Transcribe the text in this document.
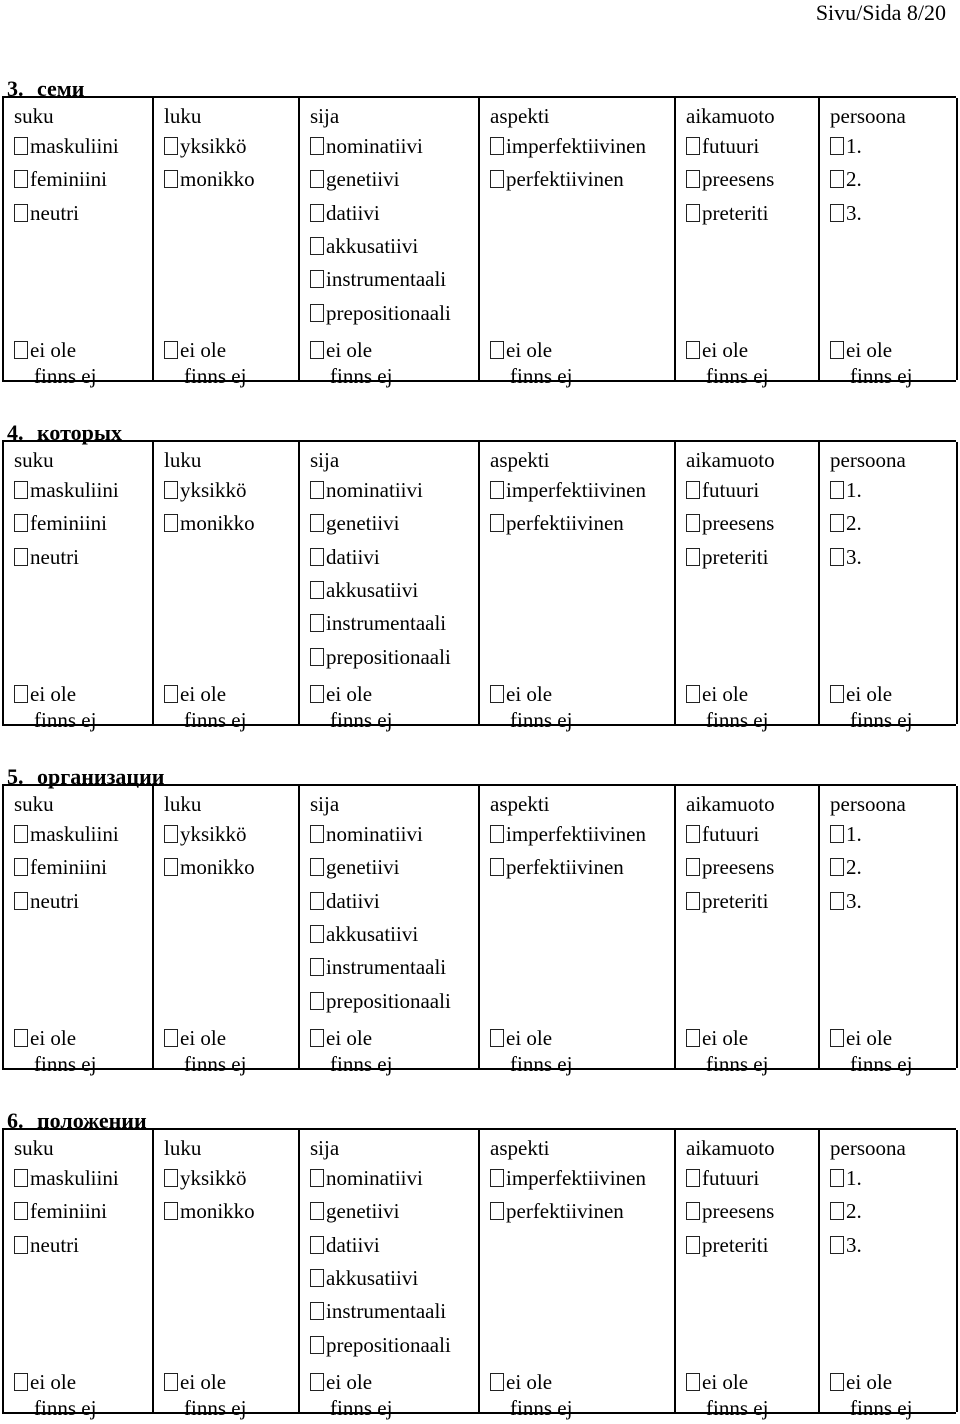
Sivu/Sida 8/20
3. семи
suku
maskuliini
feminiini
neutri
ei ole
finns ej
luku
yksikkö
monikko
ei ole
finns ej
sija
nominatiivi
genetiivi
datiivi
akkusatiivi
instrumentaali
prepositionaali
ei ole
finns ej
aspekti
imperfektiivinen
perfektiivinen
ei ole
finns ej
aikamuoto
futuuri
preesens
preteriti
ei ole
finns ej
persoona
1.
2.
3.
ei ole
finns ej
4. которых
suku
maskuliini
feminiini
neutri
ei ole
finns ej
luku
yksikkö
monikko
ei ole
finns ej
sija
nominatiivi
genetiivi
datiivi
akkusatiivi
instrumentaali
prepositionaali
ei ole
finns ej
aspekti
imperfektiivinen
perfektiivinen
ei ole
finns ej
aikamuoto
futuuri
preesens
preteriti
ei ole
finns ej
persoona
1.
2.
3.
ei ole
finns ej
5. организации
suku
maskuliini
feminiini
neutri
ei ole
finns ej
luku
yksikkö
monikko
ei ole
finns ej
sija
nominatiivi
genetiivi
datiivi
akkusatiivi
instrumentaali
prepositionaali
ei ole
finns ej
aspekti
imperfektiivinen
perfektiivinen
ei ole
finns ej
aikamuoto
futuuri
preesens
preteriti
ei ole
finns ej
persoona
1.
2.
3.
ei ole
finns ej
6. положении
suku
maskuliini
feminiini
neutri
ei ole
finns ej
luku
yksikkö
monikko
ei ole
finns ej
sija
nominatiivi
genetiivi
datiivi
akkusatiivi
instrumentaali
prepositionaali
ei ole
finns ej
aspekti
imperfektiivinen
perfektiivinen
ei ole
finns ej
aikamuoto
futuuri
preesens
preteriti
ei ole
finns ej
persoona
1.
2.
3.
ei ole
finns ej
